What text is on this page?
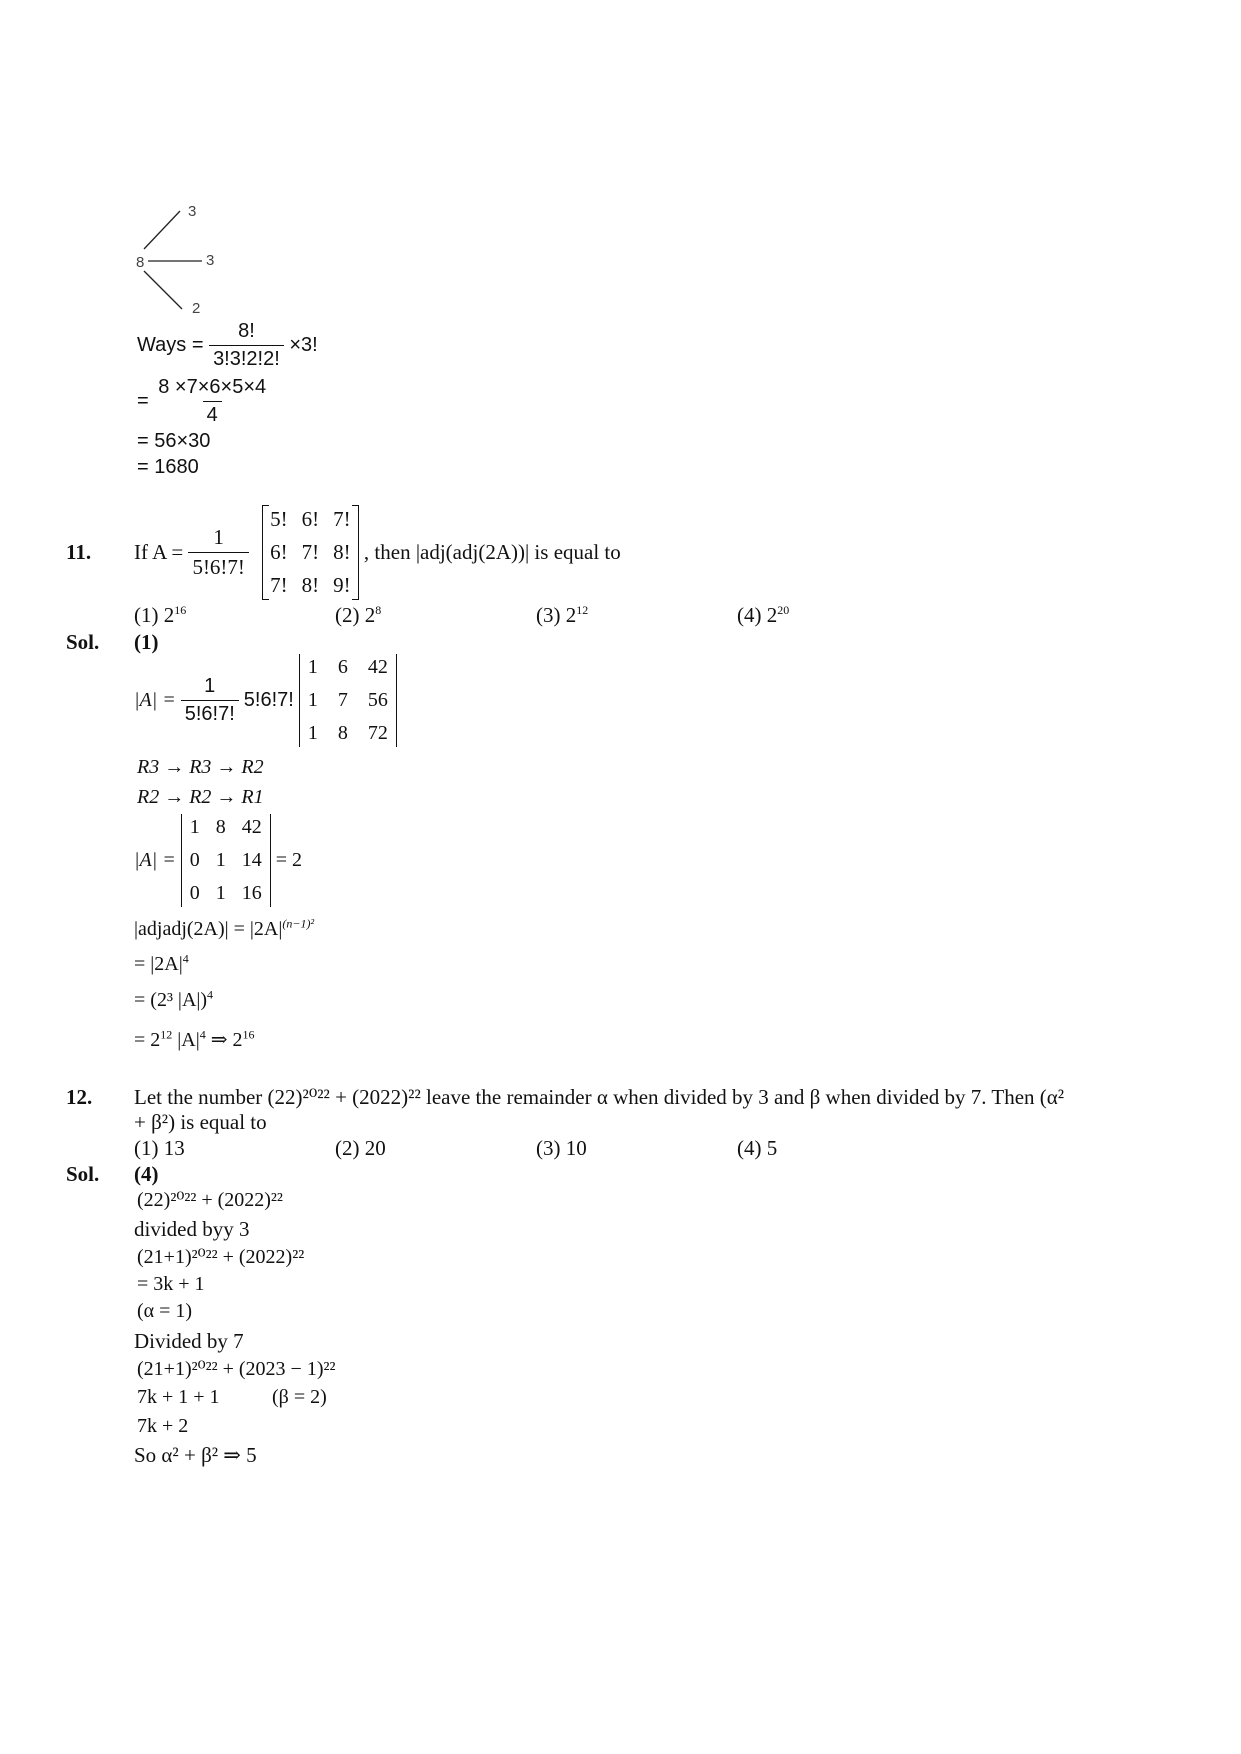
8
3
3
2
Ways = $\frac{8!}{3!3!2!2!} \times 3$!
= $\frac{8 \times 7\times 6\times 5\times 4}{4}$
= 56×30
= 1680
11. If $A = \frac{1}{5!6!7!}$

5! 6! 7!
6! 7! 8!
7! 8! 9!
, then |adj(adj(2A))| is equal to
(1) $2^{16}$	(2) $2^8$	(3) $2^{12}$	(4) $2^{20}$
Sol. (1)
$|A| = \frac{1}{5!6!7!} 5!6!7$!
1 6 42
1 7 56
1 8 72
R3 → R3 → R2
R2 → R2 → R1
|A| =
1 8 42
0 1 14
0 1 16
= 2
|adjadj(2A)| = $|2A|^{(n-1)^2}$
= $|2A|^4$
= (2³ |A|)$^4$
= $2^{12}$ $|A|^4$ ⇒ $2^{16}$
12. Let the number (22)²⁰²² + (2022)²² leave the remainder α when divided by 3 and β when divided by 7. Then (α²
+ β²) is equal to
(1) 13	(2) 20	(3) 10	(4) 5
Sol. (4)
(22)²⁰²² + (2022)²²
divided byy 3
(21+1)²⁰²² + (2022)²²
= 3k + 1
(α = 1)
Divided by 7
(21+1)²⁰²² + (2023 − 1)²²
7k + 1 + 1	(β = 2)
7k + 2
So α² + β² ⇒ 5
